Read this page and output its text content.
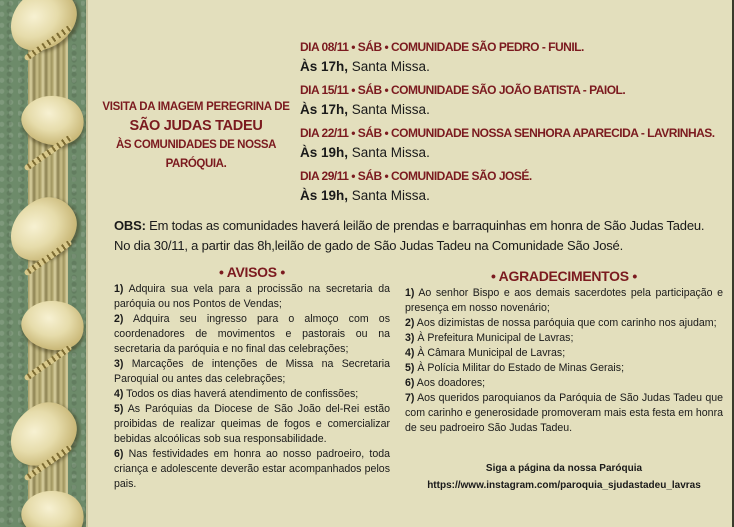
VISITA DA IMAGEM PEREGRINA DE
SÃO JUDAS TADEU
ÀS COMUNIDADES DE NOSSA PARÓQUIA.
DIA 08/11 • SÁB • COMUNIDADE SÃO PEDRO - FUNIL.
Às 17h, Santa Missa.
DIA 15/11 • SÁB • COMUNIDADE SÃO JOÃO BATISTA - PAIOL.
Às 17h, Santa Missa.
DIA 22/11 • SÁB • COMUNIDADE NOSSA SENHORA APARECIDA - LAVRINHAS.
Às 19h, Santa Missa.
DIA 29/11 • SÁB • COMUNIDADE SÃO JOSÉ.
Às 19h, Santa Missa.
OBS: Em todas as comunidades haverá leilão de prendas e barraquinhas em honra de São Judas Tadeu.
No dia 30/11, a partir das 8h,leilão de gado de São Judas Tadeu na Comunidade São José.
• AVISOS •

1) Adquira sua vela para a procissão na secretaria da paróquia ou nos Pontos de Vendas;

2) Adquira seu ingresso para o almoço com os coordenadores de movimentos e pastorais ou na secretaria da paróquia e no final das celebrações;

3) Marcações de intenções de Missa na Secretaria Paroquial ou antes das celebrações;

4) Todos os dias haverá atendimento de confissões;

5) As Paróquias da Diocese de São João del-Rei estão proibidas de realizar queimas de fogos e comercializar bebidas alcoólicas sob sua responsabilidade.

6) Nas festividades em honra ao nosso padroeiro, toda criança e adolescente deverão estar acompanhados pelos pais.

• AGRADECIMENTOS •

1) Ao senhor Bispo e aos demais sacerdotes pela participação e presença em nosso novenário;

2) Aos dizimistas de nossa paróquia que com carinho nos ajudam;

3) À Prefeitura Municipal de Lavras;

4) À Câmara Municipal de Lavras;

5) À Polícia Militar do Estado de Minas Gerais;

6) Aos doadores;

7) Aos queridos paroquianos da Paróquia de São Judas Tadeu que com carinho e generosidade promoveram mais esta festa em honra de seu padroeiro São Judas Tadeu.

Siga a página da nossa Paróquia
https://www.instagram.com/paroquia_sjudastadeu_lavras
